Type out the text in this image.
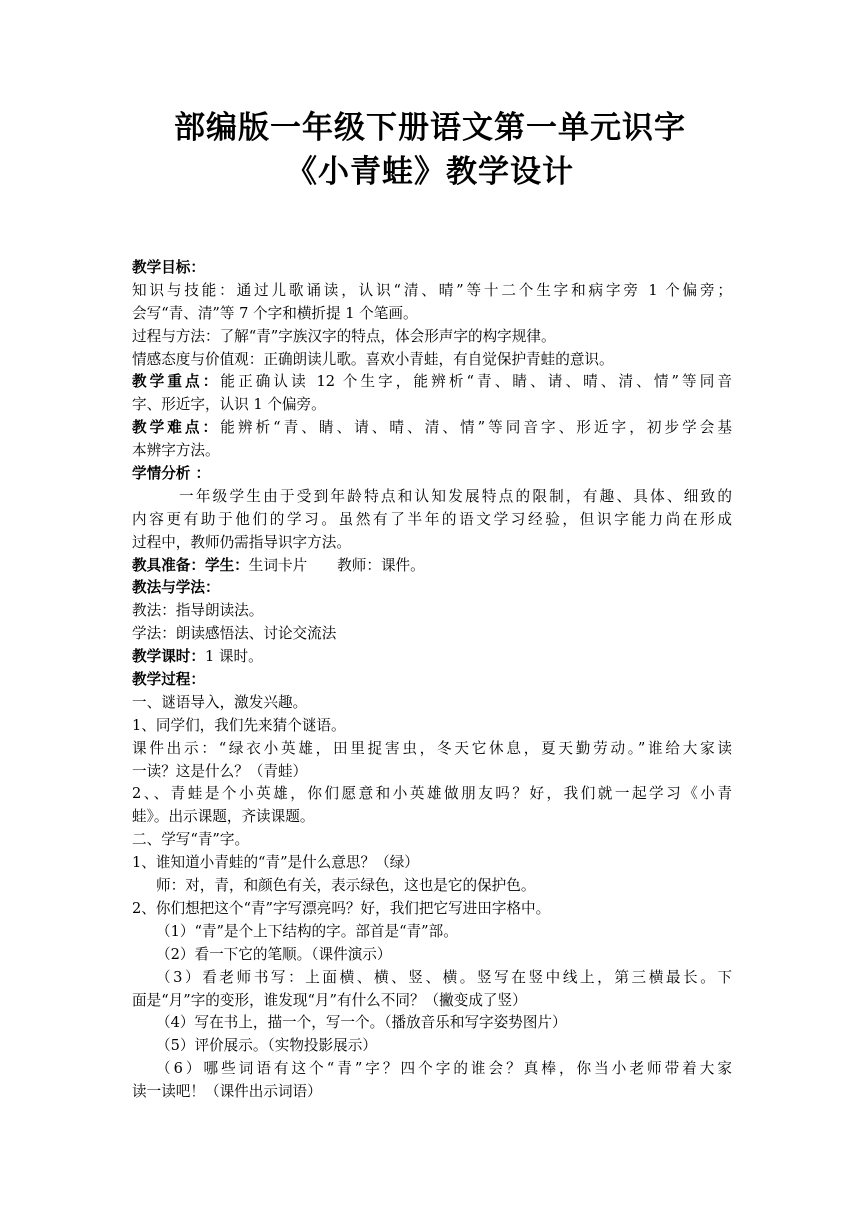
部编版一年级下册语文第一单元识字
《小青蛙》教学设计
教学目标：
知识与技能：通过儿歌诵读，认识“清、晴”等十二个生字和病字旁 1 个偏旁；
会写“青、清”等 7 个字和横折提 1 个笔画。
过程与方法：了解“青”字族汉字的特点，体会形声字的构字规律。
情感态度与价值观：正确朗读儿歌。喜欢小青蛙，有自觉保护青蛙的意识。
教学重点：能正确认读 12 个生字，能辨析“青、睛、请、晴、清、情”等同音
字、形近字，认识 1 个偏旁。
教学难点：能辨析“青、睛、请、晴、清、情”等同音字、形近字，初步学会基
本辨字方法。
学情分析 ：
一年级学生由于受到年龄特点和认知发展特点的限制，有趣、具体、细致的
内容更有助于他们的学习。虽然有了半年的语文学习经验，但识字能力尚在形成
过程中，教师仍需指导识字方法。
教具准备：学生：生词卡片 教师：课件。
教法与学法：
教法：指导朗读法。
学法：朗读感悟法、讨论交流法
教学课时：1 课时。
教学过程：
一、谜语导入，激发兴趣。
1、同学们，我们先来猜个谜语。
课件出示：“绿衣小英雄，田里捉害虫，冬天它休息，夏天勤劳动。”谁给大家读
一读？这是什么？（青蛙）
2、、青蛙是个小英雄，你们愿意和小英雄做朋友吗？好，我们就一起学习《小青
蛙》。出示课题，齐读课题。
二、学写“青”字。
1、谁知道小青蛙的“青”是什么意思？（绿）
师：对，青，和颜色有关，表示绿色，这也是它的保护色。
2、你们想把这个“青”字写漂亮吗？好，我们把它写进田字格中。
（1）“青”是个上下结构的字。部首是“青”部。
（2）看一下它的笔顺。（课件演示）
（3）看老师书写：上面横、横、竖、横。竖写在竖中线上，第三横最长。下
面是“月”字的变形，谁发现“月”有什么不同？（撇变成了竖）
（4）写在书上，描一个，写一个。（播放音乐和写字姿势图片）
（5）评价展示。（实物投影展示）
（6）哪些词语有这个“青”字？四个字的谁会？真棒，你当小老师带着大家
读一读吧！（课件出示词语）
